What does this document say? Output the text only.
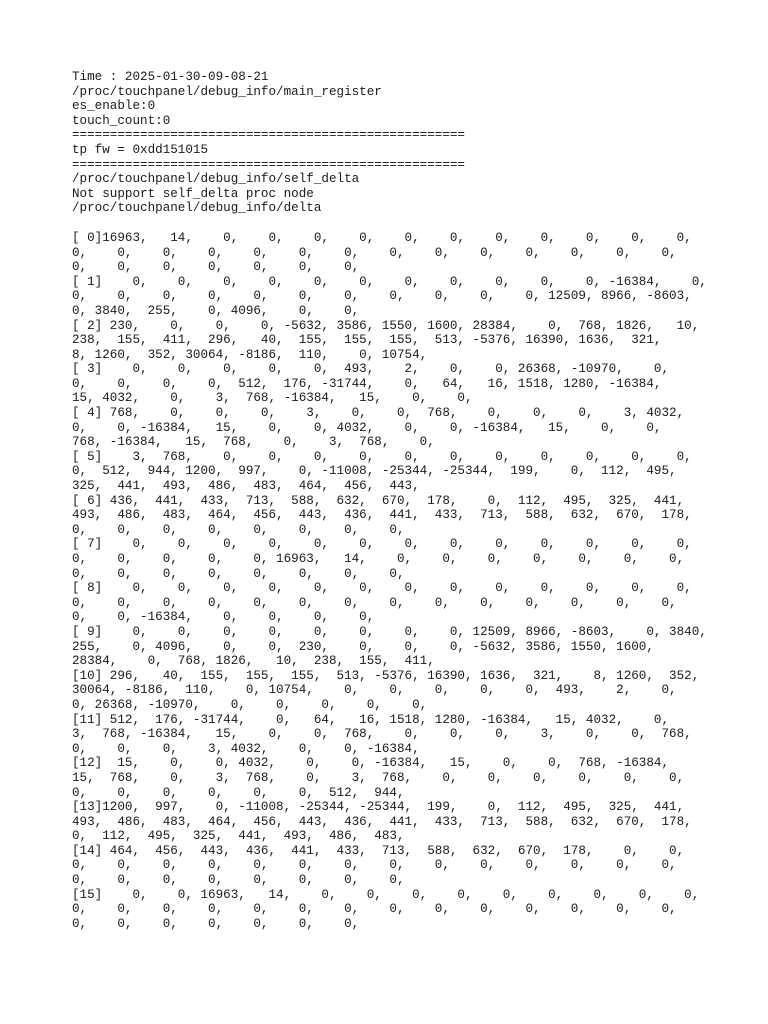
Time : 2025-01-30-09-08-21
/proc/touchpanel/debug_info/main_register
es_enable:0
touch_count:0
====================================================
tp fw = 0xdd151015
====================================================
/proc/touchpanel/debug_info/self_delta
Not support self_delta proc node
/proc/touchpanel/debug_info/delta
[ 0]16963,   14,    0,    0,    0,    0,    0,    0,    0,    0,    0,    0,    0,
0,    0,    0,    0,    0,    0,    0,    0,    0,    0,    0,    0,    0,    0,
0,    0,    0,    0,    0,    0,    0,
[ 1]    0,    0,    0,    0,    0,    0,    0,    0,    0,    0,    0, -16384,    0,
0,    0,    0,    0,    0,    0,    0,    0,    0,    0,    0, 12509, 8966, -8603,
0, 3840,  255,    0, 4096,    0,    0,
[ 2] 230,    0,    0,    0, -5632, 3586, 1550, 1600, 28384,    0,  768, 1826,   10,
238,  155,  411,  296,   40,  155,  155,  155,  513, -5376, 16390, 1636,  321,
8, 1260,  352, 30064, -8186,  110,    0, 10754,
[ 3]    0,    0,    0,    0,    0,  493,    2,    0,    0, 26368, -10970,    0,
0,    0,    0,    0,  512,  176, -31744,    0,   64,   16, 1518, 1280, -16384,
15, 4032,    0,    3,  768, -16384,   15,    0,    0,
[ 4] 768,    0,    0,    0,    3,    0,    0,  768,    0,    0,    0,    3, 4032,
0,    0, -16384,   15,    0,    0, 4032,    0,    0, -16384,   15,    0,    0,
768, -16384,   15,  768,    0,    3,  768,    0,
[ 5]    3,  768,    0,    0,    0,    0,    0,    0,    0,    0,    0,    0,    0,
0,  512,  944, 1200,  997,    0, -11008, -25344, -25344,  199,    0,  112,  495,
325,  441,  493,  486,  483,  464,  456,  443,
[ 6] 436,  441,  433,  713,  588,  632,  670,  178,    0,  112,  495,  325,  441,
493,  486,  483,  464,  456,  443,  436,  441,  433,  713,  588,  632,  670,  178,
0,    0,    0,    0,    0,    0,    0,    0,
[ 7]    0,    0,    0,    0,    0,    0,    0,    0,    0,    0,    0,    0,    0,
0,    0,    0,    0,    0, 16963,   14,    0,    0,    0,    0,    0,    0,    0,
0,    0,    0,    0,    0,    0,    0,    0,
[ 8]    0,    0,    0,    0,    0,    0,    0,    0,    0,    0,    0,    0,    0,
0,    0,    0,    0,    0,    0,    0,    0,    0,    0,    0,    0,    0,    0,
0,    0, -16384,    0,    0,    0,    0,
[ 9]    0,    0,    0,    0,    0,    0,    0,    0, 12509, 8966, -8603,    0, 3840,
255,    0, 4096,    0,    0,  230,    0,    0,    0, -5632, 3586, 1550, 1600,
28384,    0,  768, 1826,   10,  238,  155,  411,
[10] 296,   40,  155,  155,  155,  513, -5376, 16390, 1636,  321,    8, 1260,  352,
30064, -8186,  110,    0, 10754,    0,    0,    0,    0,    0,  493,    2,    0,
0, 26368, -10970,    0,    0,    0,    0,    0,
[11] 512,  176, -31744,    0,   64,   16, 1518, 1280, -16384,   15, 4032,    0,
3,  768, -16384,   15,    0,    0,  768,    0,    0,    0,    3,    0,    0,  768,
0,    0,    0,    3, 4032,    0,    0, -16384,
[12]  15,    0,    0, 4032,    0,    0, -16384,   15,    0,    0,  768, -16384,
15,  768,    0,    3,  768,    0,    3,  768,    0,    0,    0,    0,    0,    0,
0,    0,    0,    0,    0,    0,  512,  944,
[13]1200,  997,    0, -11008, -25344, -25344,  199,    0,  112,  495,  325,  441,
493,  486,  483,  464,  456,  443,  436,  441,  433,  713,  588,  632,  670,  178,
0,  112,  495,  325,  441,  493,  486,  483,
[14] 464,  456,  443,  436,  441,  433,  713,  588,  632,  670,  178,    0,    0,
0,    0,    0,    0,    0,    0,    0,    0,    0,    0,    0,    0,    0,    0,
0,    0,    0,    0,    0,    0,    0,    0,
[15]    0,    0, 16963,   14,    0,    0,    0,    0,    0,    0,    0,    0,    0,
0,    0,    0,    0,    0,    0,    0,    0,    0,    0,    0,    0,    0,    0,
0,    0,    0,    0,    0,    0,    0,
